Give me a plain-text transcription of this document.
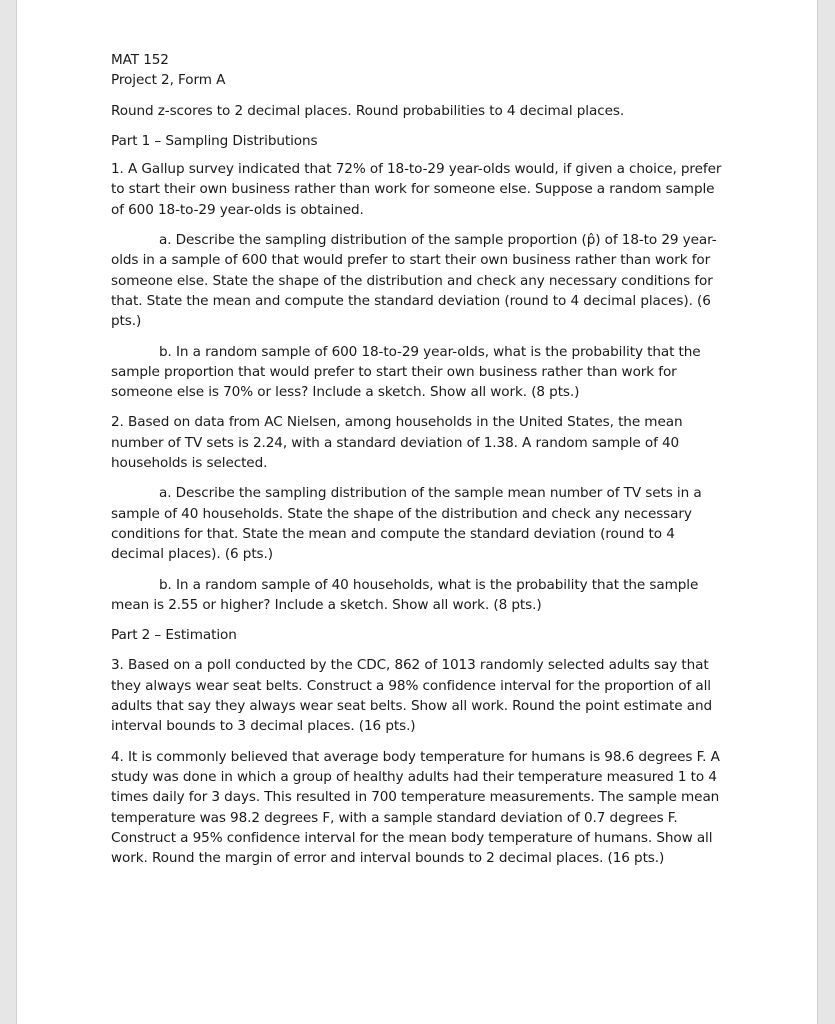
MAT 152

Project 2, Form A

Round z-scores to 2 decimal places. Round probabilities to 4 decimal places.

Part 1 – Sampling Distributions

1. A Gallup survey indicated that 72% of 18-to-29 year-olds would, if given a choice, prefer to start their own business rather than work for someone else. Suppose a random sample of 600 18-to-29 year-olds is obtained.

a. Describe the sampling distribution of the sample proportion (p̂) of 18-to 29 year-olds in a sample of 600 that would prefer to start their own business rather than work for someone else. State the shape of the distribution and check any necessary conditions for that. State the mean and compute the standard deviation (round to 4 decimal places). (6 pts.)

b. In a random sample of 600 18-to-29 year-olds, what is the probability that the sample proportion that would prefer to start their own business rather than work for someone else is 70% or less? Include a sketch. Show all work. (8 pts.)

2. Based on data from AC Nielsen, among households in the United States, the mean number of TV sets is 2.24, with a standard deviation of 1.38. A random sample of 40 households is selected.

a. Describe the sampling distribution of the sample mean number of TV sets in a sample of 40 households. State the shape of the distribution and check any necessary conditions for that. State the mean and compute the standard deviation (round to 4 decimal places). (6 pts.)

b. In a random sample of 40 households, what is the probability that the sample mean is 2.55 or higher? Include a sketch. Show all work. (8 pts.)

Part 2 – Estimation

3. Based on a poll conducted by the CDC, 862 of 1013 randomly selected adults say that they always wear seat belts. Construct a 98% confidence interval for the proportion of all adults that say they always wear seat belts. Show all work. Round the point estimate and interval bounds to 3 decimal places. (16 pts.)

4. It is commonly believed that average body temperature for humans is 98.6 degrees F. A study was done in which a group of healthy adults had their temperature measured 1 to 4 times daily for 3 days. This resulted in 700 temperature measurements. The sample mean temperature was 98.2 degrees F, with a sample standard deviation of 0.7 degrees F. Construct a 95% confidence interval for the mean body temperature of humans. Show all work. Round the margin of error and interval bounds to 2 decimal places. (16 pts.)
